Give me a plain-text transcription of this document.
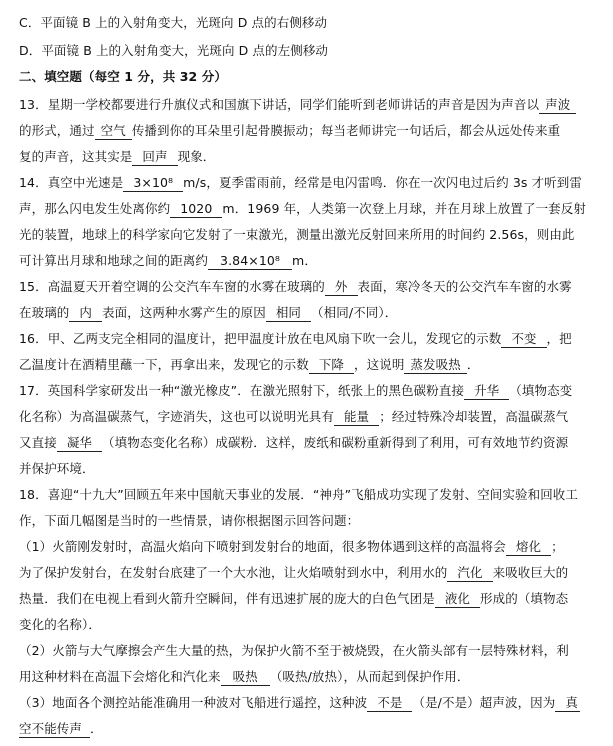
C．平面镜 B 上的入射角变大，光斑向 D 点的右侧移动
D．平面镜 B 上的入射角变大，光斑向 D 点的左侧移动
二、填空题（每空 1 分，共 32 分）
13．星期一学校都要进行升旗仪式和国旗下讲话，同学们能听到老师讲话的声音是因为声音以 声波
的形式，通过 空气 传播到你的耳朵里引起骨膜振动；每当老师讲完一句话后，都会从远处传来重
复的声音，这其实是 回声 现象．
14．真空中光速是 3×10⁸ m/s，夏季雷雨前，经常是电闪雷鸣．你在一次闪电过后约 3s 才听到雷
声，那么闪电发生处离你约 1020 m．1969 年，人类第一次登上月球，并在月球上放置了一套反射
光的装置，地球上的科学家向它发射了一束激光，测量出激光反射回来所用的时间约 2.56s，则由此
可计算出月球和地球之间的距离约 3.84×10⁸ m．
15．高温夏天开着空调的公交汽车车窗的水雾在玻璃的 外 表面，寒冷冬天的公交汽车车窗的水雾
在玻璃的 内 表面，这两种水雾产生的原因 相同 （相同/不同）．
16．甲、乙两支完全相同的温度计，把甲温度计放在电风扇下吹一会儿，发现它的示数 不变 ，把
乙温度计在酒精里蘸一下，再拿出来，发现它的示数 下降 ，这说明 蒸发吸热 ．
17．英国科学家研发出一种“激光橡皮”．在激光照射下，纸张上的黑色碳粉直接 升华 （填物态变
化名称）为高温碳蒸气，字迹消失，这也可以说明光具有 能量 ；经过特殊冷却装置，高温碳蒸气
又直接 凝华 （填物态变化名称）成碳粉．这样，废纸和碳粉重新得到了利用，可有效地节约资源
并保护环境．
18．喜迎“十九大”回顾五年来中国航天事业的发展．“神舟”飞船成功实现了发射、空间实验和回收工
作，下面几幅图是当时的一些情景，请你根据图示回答问题：
（1）火箭刚发射时，高温火焰向下喷射到发射台的地面，很多物体遇到这样的高温将会 熔化 ；
为了保护发射台，在发射台底建了一个大水池，让火焰喷射到水中，利用水的 汽化 来吸收巨大的
热量．我们在电视上看到火箭升空瞬间，伴有迅速扩展的庞大的白色气团是 液化 形成的（填物态
变化的名称）．
（2）火箭与大气摩擦会产生大量的热，为保护火箭不至于被烧毁，在火箭头部有一层特殊材料，利
用这种材料在高温下会熔化和汽化来 吸热 （吸热/放热），从而起到保护作用．
（3）地面各个测控站能准确用一种波对飞船进行遥控，这种波 不是 （是/不是）超声波，因为 真
空不能传声 ．
